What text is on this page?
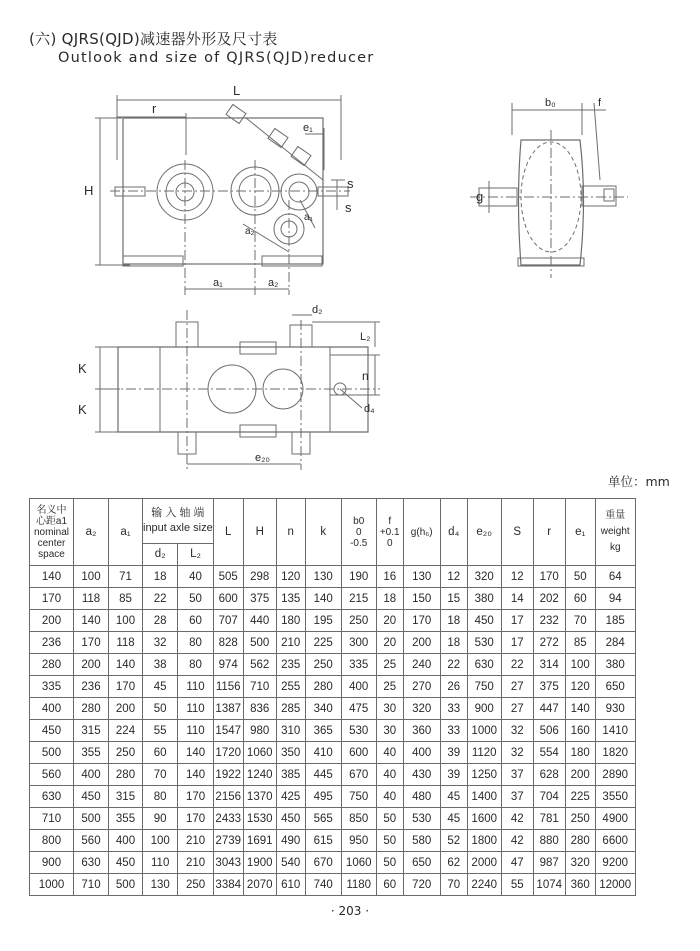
(六) QJRS(QJD)减速器外形及尺寸表
Outlook and size of QJRS(QJD)reducer
L
r
e₁
H	s
s
a₁	a₂
a₂
a₁
b₀	f
g
d₂
L₂
n
K
K	d₄
e₂₀
单位：mm
名义中
心距a1
nominal
center
space	a₂	a₁	输 入 轴 端
input axle size		L	H	n	k	b0
0
-0.5	f
+0.1
0	g(h₆)	d₄	e₂₀	S	r	e₁	重量
weight
kg

			d₂	L₂													
140	100	71	18	40	505	298	120	130	190	16	130	12	320	12	170	50	64
170	118	85	22	50	600	375	135	140	215	18	150	15	380	14	202	60	94
200	140	100	28	60	707	440	180	195	250	20	170	18	450	17	232	70	185
236	170	118	32	80	828	500	210	225	300	20	200	18	530	17	272	85	284
280	200	140	38	80	974	562	235	250	335	25	240	22	630	22	314	100	380
335	236	170	45	110	1156	710	255	280	400	25	270	26	750	27	375	120	650
400	280	200	50	110	1387	836	285	340	475	30	320	33	900	27	447	140	930
450	315	224	55	110	1547	980	310	365	530	30	360	33	1000	32	506	160	1410
500	355	250	60	140	1720	1060	350	410	600	40	400	39	1120	32	554	180	1820
560	400	280	70	140	1922	1240	385	445	670	40	430	39	1250	37	628	200	2890
630	450	315	80	170	2156	1370	425	495	750	40	480	45	1400	37	704	225	3550
710	500	355	90	170	2433	1530	450	565	850	50	530	45	1600	42	781	250	4900
800	560	400	100	210	2739	1691	490	615	950	50	580	52	1800	42	880	280	6600
900	630	450	110	210	3043	1900	540	670	1060	50	650	62	2000	47	987	320	9200
1000	710	500	130	250	3384	2070	610	740	1180	60	720	70	2240	55	1074	360	12000
· 203 ·
